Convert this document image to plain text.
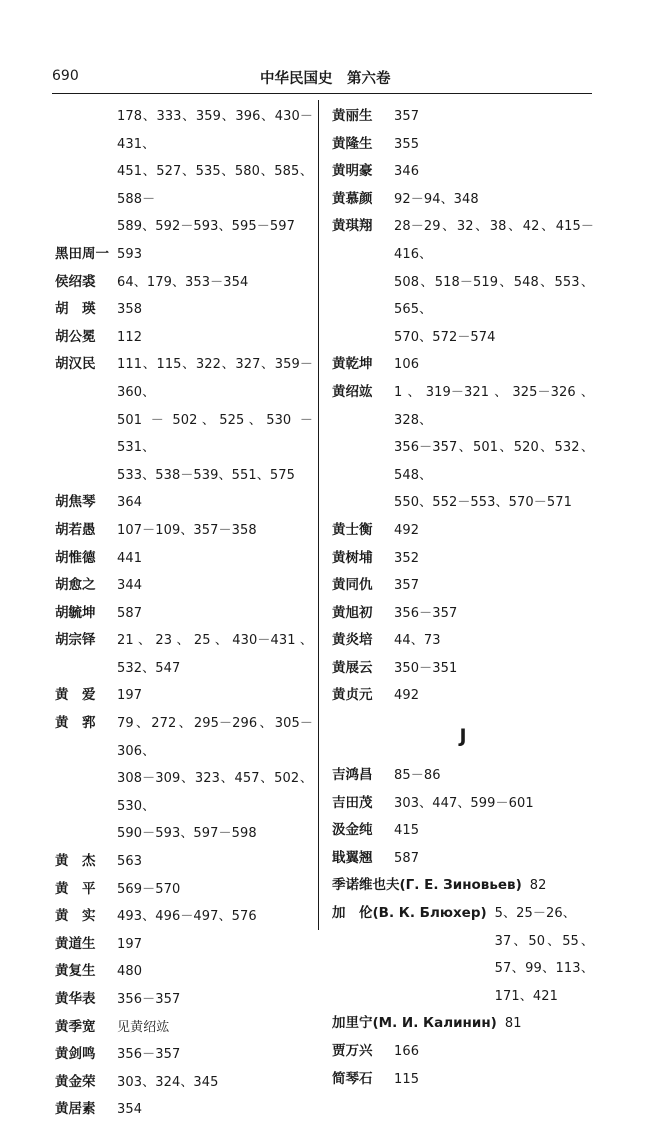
690	中华民国史　第六卷
178、333、359、396、430－431、
451、527、535、580、585、588－
589、592－593、595－597
黑田周一 593
侯绍裘	64、179、353－354
胡　瑛	358
胡公冕	112
胡汉民	111、115、322、327、359－360、
501 － 502、525、530 － 531、
533、538－539、551、575
胡焦琴	364
胡若愚	107－109、357－358
胡惟德	441
胡愈之	344
胡毓坤	587
胡宗铎	21、23、25、430－431、532、547
黄　爱	197
黄　郛	79、272、295－296、305－306、
308－309、323、457、502、530、
590－593、597－598
黄　杰	563
黄　平	569－570
黄　实	493、496－497、576
黄道生	197
黄复生	480
黄华表	356－357
黄季宽	见黄绍竑
黄剑鸣	356－357
黄金荣	303、324、345
黄居素	354
黄丽生	357
黄隆生	355
黄明豪	346
黄慕颜	92－94、348
黄琪翔	28－29、32、38、42、415－416、
508、518－519、548、553、565、
570、572－574
黄乾坤	106
黄绍竑	1、319－321、325－326、328、
356－357、501、520、532、548、
550、552－553、570－571
黄士衡	492
黄树埔	352
黄同仇	357
黄旭初	356－357
黄炎培	44、73
黄展云	350－351
黄贞元	492
J
吉鸿昌	85－86
吉田茂	303、447、599－601
汲金纯	415
戢翼翘	587
季诺维也夫(Г. Е. Зиновьев) 82
加　伦(В. К. Блюхер) 5、25－26、
37、50、55、57、99、113、171、421
加里宁(М. И. Калинин) 81
贾万兴	166
简琴石	115
